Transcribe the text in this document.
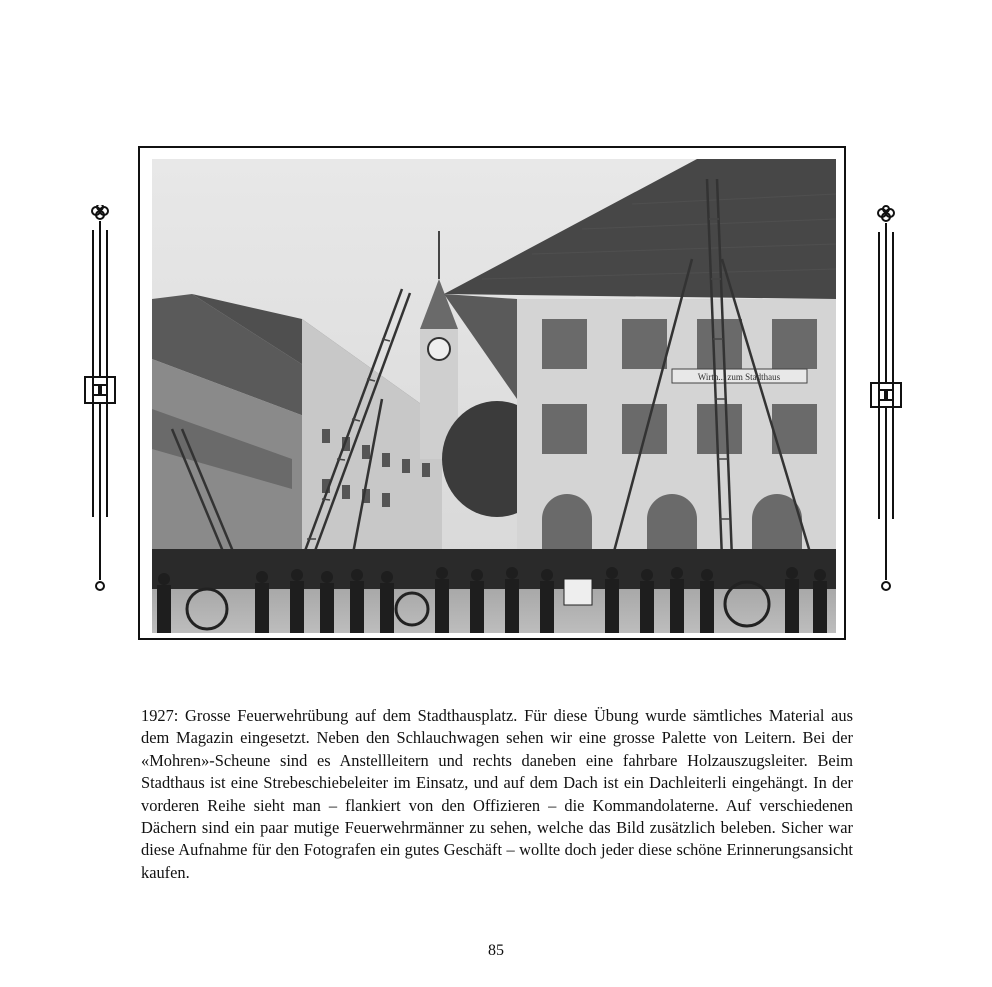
Wirth... zum Stadthaus

1927: Grosse Feuerwehrübung auf dem Stadthausplatz. Für diese Übung wurde sämtliches Material aus dem Magazin eingesetzt. Neben den Schlauchwagen sehen wir eine grosse Palette von Leitern. Bei der «Mohren»-Scheune sind es Anstellleitern und rechts daneben eine fahrbare Holzauszugsleiter. Beim Stadthaus ist eine Strebeschiebeleiter im Einsatz, und auf dem Dach ist ein Dachleiterli eingehängt. In der vorderen Reihe sieht man – flankiert von den Offizieren – die Kommandolaterne. Auf verschiedenen Dächern sind ein paar mutige Feuerwehrmänner zu sehen, welche das Bild zusätzlich beleben. Sicher war diese Aufnahme für den Fotografen ein gutes Geschäft – wollte doch jeder diese schöne Erinnerungsansicht kaufen.

85
